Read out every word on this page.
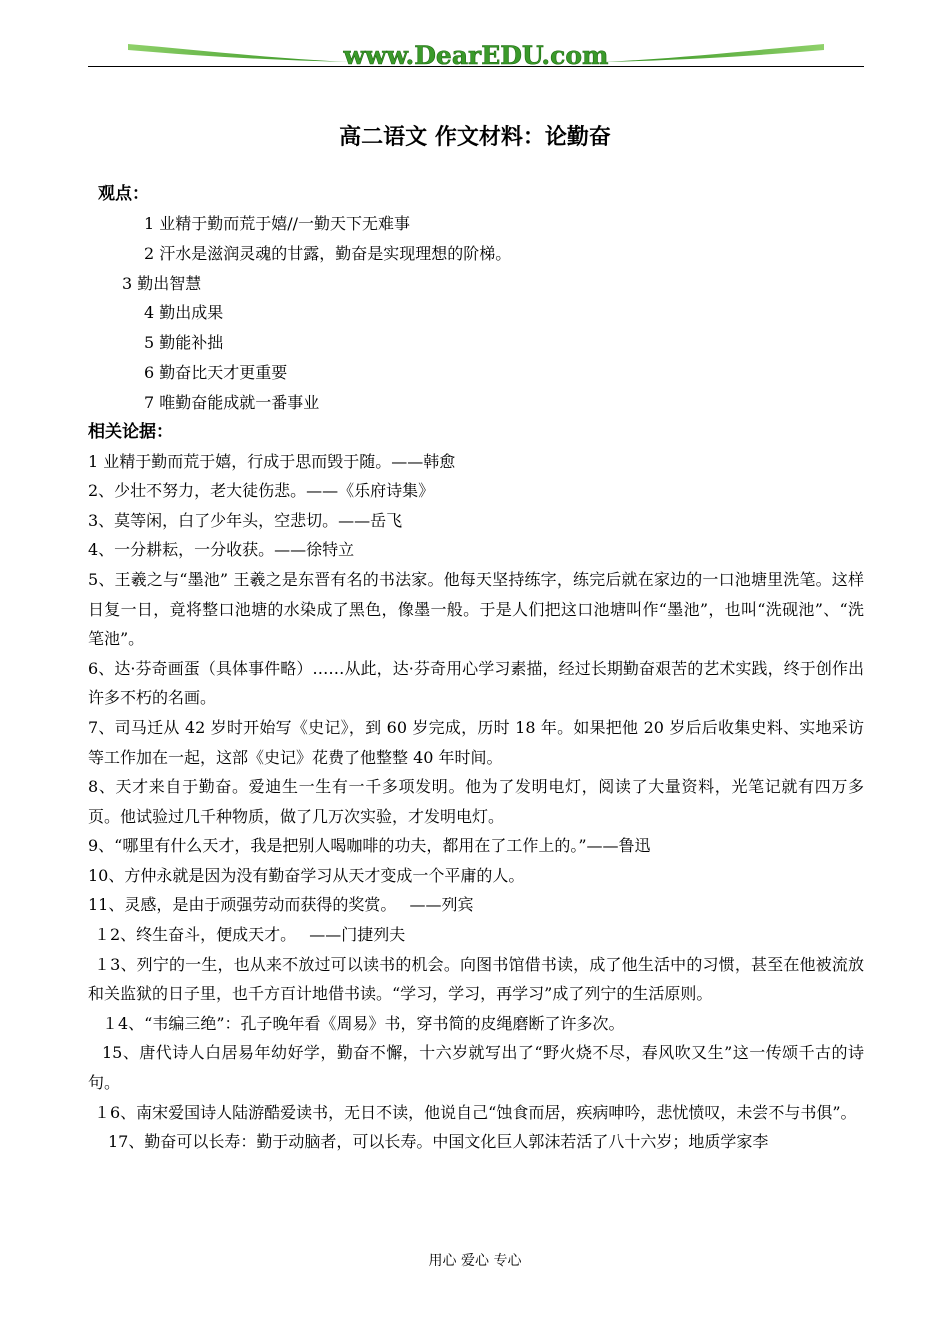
www.DearEDU.com
高二语文 作文材料：论勤奋
观点：
1 业精于勤而荒于嬉//一勤天下无难事
2 汗水是滋润灵魂的甘露，勤奋是实现理想的阶梯。
3 勤出智慧
4 勤出成果
5 勤能补拙
6 勤奋比天才更重要
7 唯勤奋能成就一番事业
相关论据：

1 业精于勤而荒于嬉，行成于思而毁于随。——韩愈

2、少壮不努力，老大徒伤悲。——《乐府诗集》

3、莫等闲，白了少年头，空悲切。——岳飞

4、一分耕耘，一分收获。——徐特立

5、王羲之与“墨池” 王羲之是东晋有名的书法家。他每天坚持练字，练完后就在家边的一口池塘里洗笔。这样日复一日，竟将整口池塘的水染成了黑色，像墨一般。于是人们把这口池塘叫作“墨池”，也叫“洗砚池”、“洗笔池”。

6、达·芬奇画蛋（具体事件略）……从此，达·芬奇用心学习素描，经过长期勤奋艰苦的艺术实践，终于创作出许多不朽的名画。

7、司马迁从 42 岁时开始写《史记》，到 60 岁完成，历时 18 年。如果把他 20 岁后后收集史料、实地采访等工作加在一起，这部《史记》花费了他整整 40 年时间。

8、天才来自于勤奋。爱迪生一生有一千多项发明。他为了发明电灯，阅读了大量资料，光笔记就有四万多页。他试验过几千种物质，做了几万次实验，才发明电灯。

9、“哪里有什么天才，我是把别人喝咖啡的功夫，都用在了工作上的。”——鲁迅

10、方仲永就是因为没有勤奋学习从天才变成一个平庸的人。

11、灵感，是由于顽强劳动而获得的奖赏。　 ——列宾

１2、终生奋斗，便成天才。　 ——门捷列夫

１3、列宁的一生，也从来不放过可以读书的机会。向图书馆借书读，成了他生活中的习惯，甚至在他被流放和关监狱的日子里，也千方百计地借书读。“学习，学习，再学习”成了列宁的生活原则。

１4、“韦编三绝”：孔子晚年看《周易》书，穿书简的皮绳磨断了许多次。

15、唐代诗人白居易年幼好学，勤奋不懈，十六岁就写出了“野火烧不尽，春风吹又生”这一传颂千古的诗句。

１6、南宋爱国诗人陆游酷爱读书，无日不读，他说自己“蚀食而居，疾病呻吟，悲忧愤叹，未尝不与书俱”。

17、勤奋可以长寿：勤于动脑者，可以长寿。中国文化巨人郭沫若活了八十六岁；地质学家李

用心 爱心 专心
